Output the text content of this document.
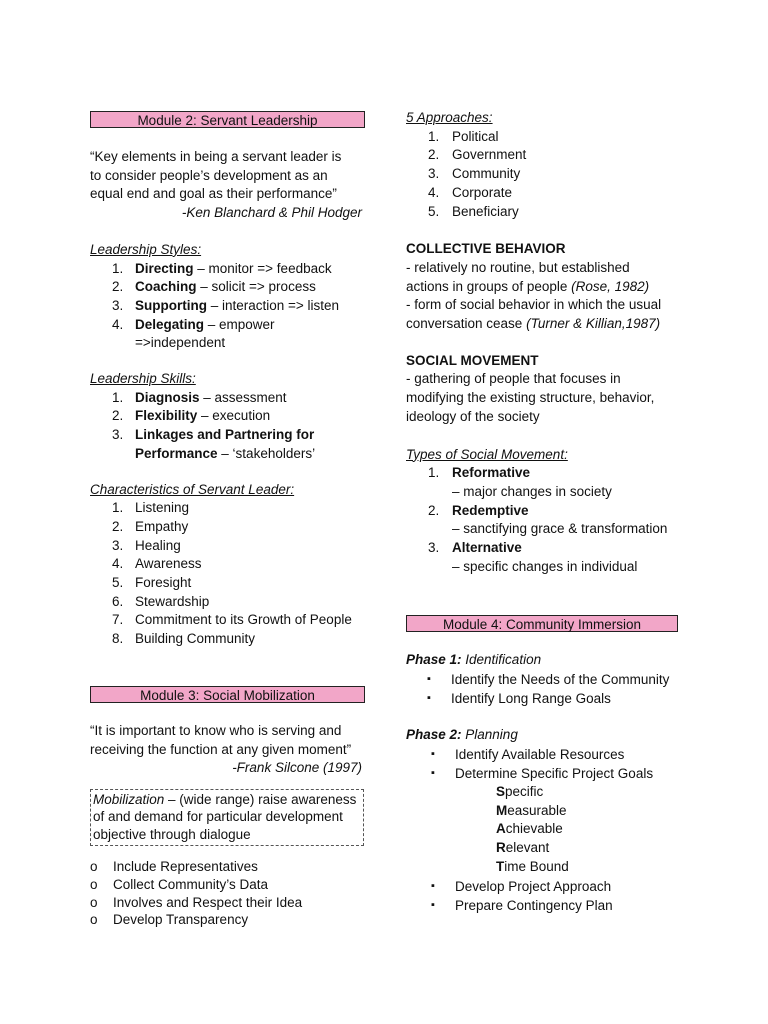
Module 2: Servant Leadership
“Key elements in being a servant leader is
to consider people’s development as an
equal end and goal as their performance”
-Ken Blanchard & Phil Hodger
Leadership Styles:
1. Directing – monitor => feedback
2. Coaching – solicit => process
3. Supporting – interaction => listen
4. Delegating – empower
=>independent
Leadership Skills:
1. Diagnosis – assessment
2. Flexibility – execution
3. Linkages and Partnering for
Performance – ‘stakeholders’
Characteristics of Servant Leader:
1. Listening
2. Empathy
3. Healing
4. Awareness
5. Foresight
6. Stewardship
7. Commitment to its Growth of People
8. Building Community
Module 3: Social Mobilization
“It is important to know who is serving and
receiving the function at any given moment”
-Frank Silcone (1997)
Mobilization – (wide range) raise awareness
of and demand for particular development
objective through dialogue
o Include Representatives
o Collect Community’s Data
o Involves and Respect their Idea
o Develop Transparency
5 Approaches:
1. Political
2. Government
3. Community
4. Corporate
5. Beneficiary
COLLECTIVE BEHAVIOR
- relatively no routine, but established
actions in groups of people (Rose, 1982)
- form of social behavior in which the usual
conversation cease (Turner & Killian,1987)
SOCIAL MOVEMENT
- gathering of people that focuses in
modifying the existing structure, behavior,
ideology of the society
Types of Social Movement:
1. Reformative
– major changes in society
2. Redemptive
– sanctifying grace & transformation
3. Alternative
– specific changes in individual
Module 4: Community Immersion
Phase 1: Identification
▪ Identify the Needs of the Community
▪ Identify Long Range Goals
Phase 2: Planning
▪ Identify Available Resources
▪ Determine Specific Project Goals
Specific
Measurable
Achievable
Relevant
Time Bound
▪ Develop Project Approach
▪ Prepare Contingency Plan
